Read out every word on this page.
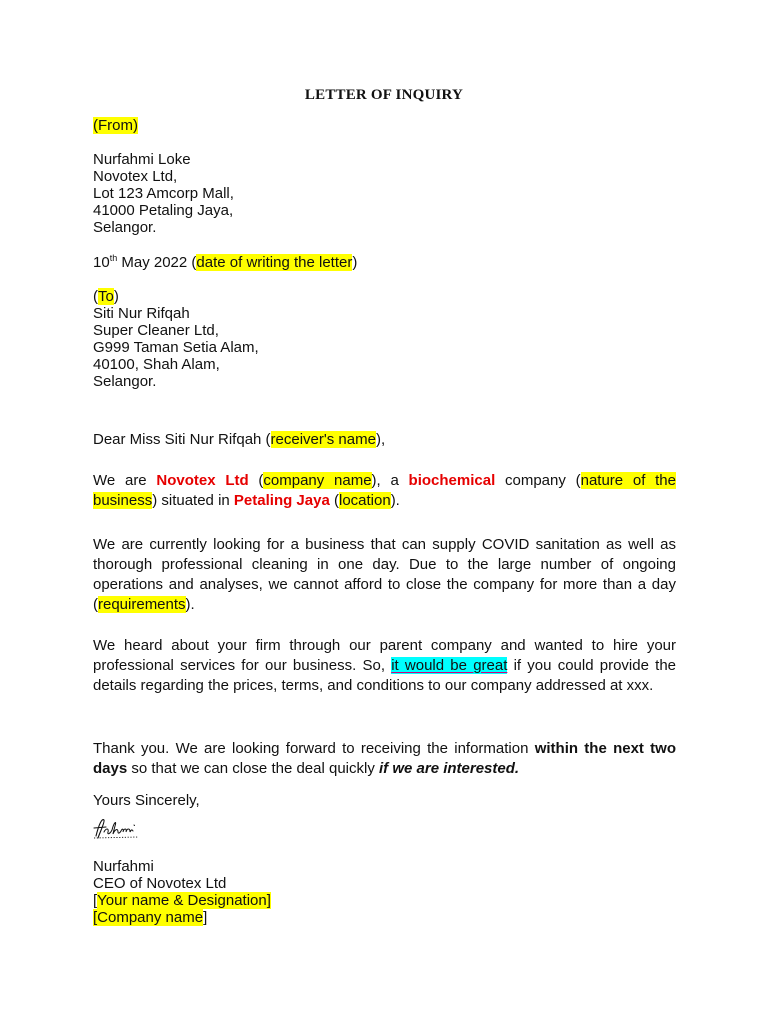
LETTER OF INQUIRY
(From)
Nurfahmi Loke
Novotex Ltd,
Lot 123 Amcorp Mall,
41000 Petaling Jaya,
Selangor.
10th May 2022 (date of writing the letter)
(To)
Siti Nur Rifqah
Super Cleaner Ltd,
G999 Taman Setia Alam,
40100, Shah Alam,
Selangor.
Dear Miss Siti Nur Rifqah (receiver's name),
We are Novotex Ltd (company name), a biochemical company (nature of the business) situated in Petaling Jaya (location).
We are currently looking for a business that can supply COVID sanitation as well as thorough professional cleaning in one day. Due to the large number of ongoing operations and analyses, we cannot afford to close the company for more than a day (requirements).
We heard about your firm through our parent company and wanted to hire your professional services for our business. So, it would be great if you could provide the details regarding the prices, terms, and conditions to our company addressed at xxx.
Thank you. We are looking forward to receiving the information within the next two days so that we can close the deal quickly if we are interested.
Yours Sincerely,
Nurfahmi
CEO of Novotex Ltd
[Your name & Designation]
[Company name]
